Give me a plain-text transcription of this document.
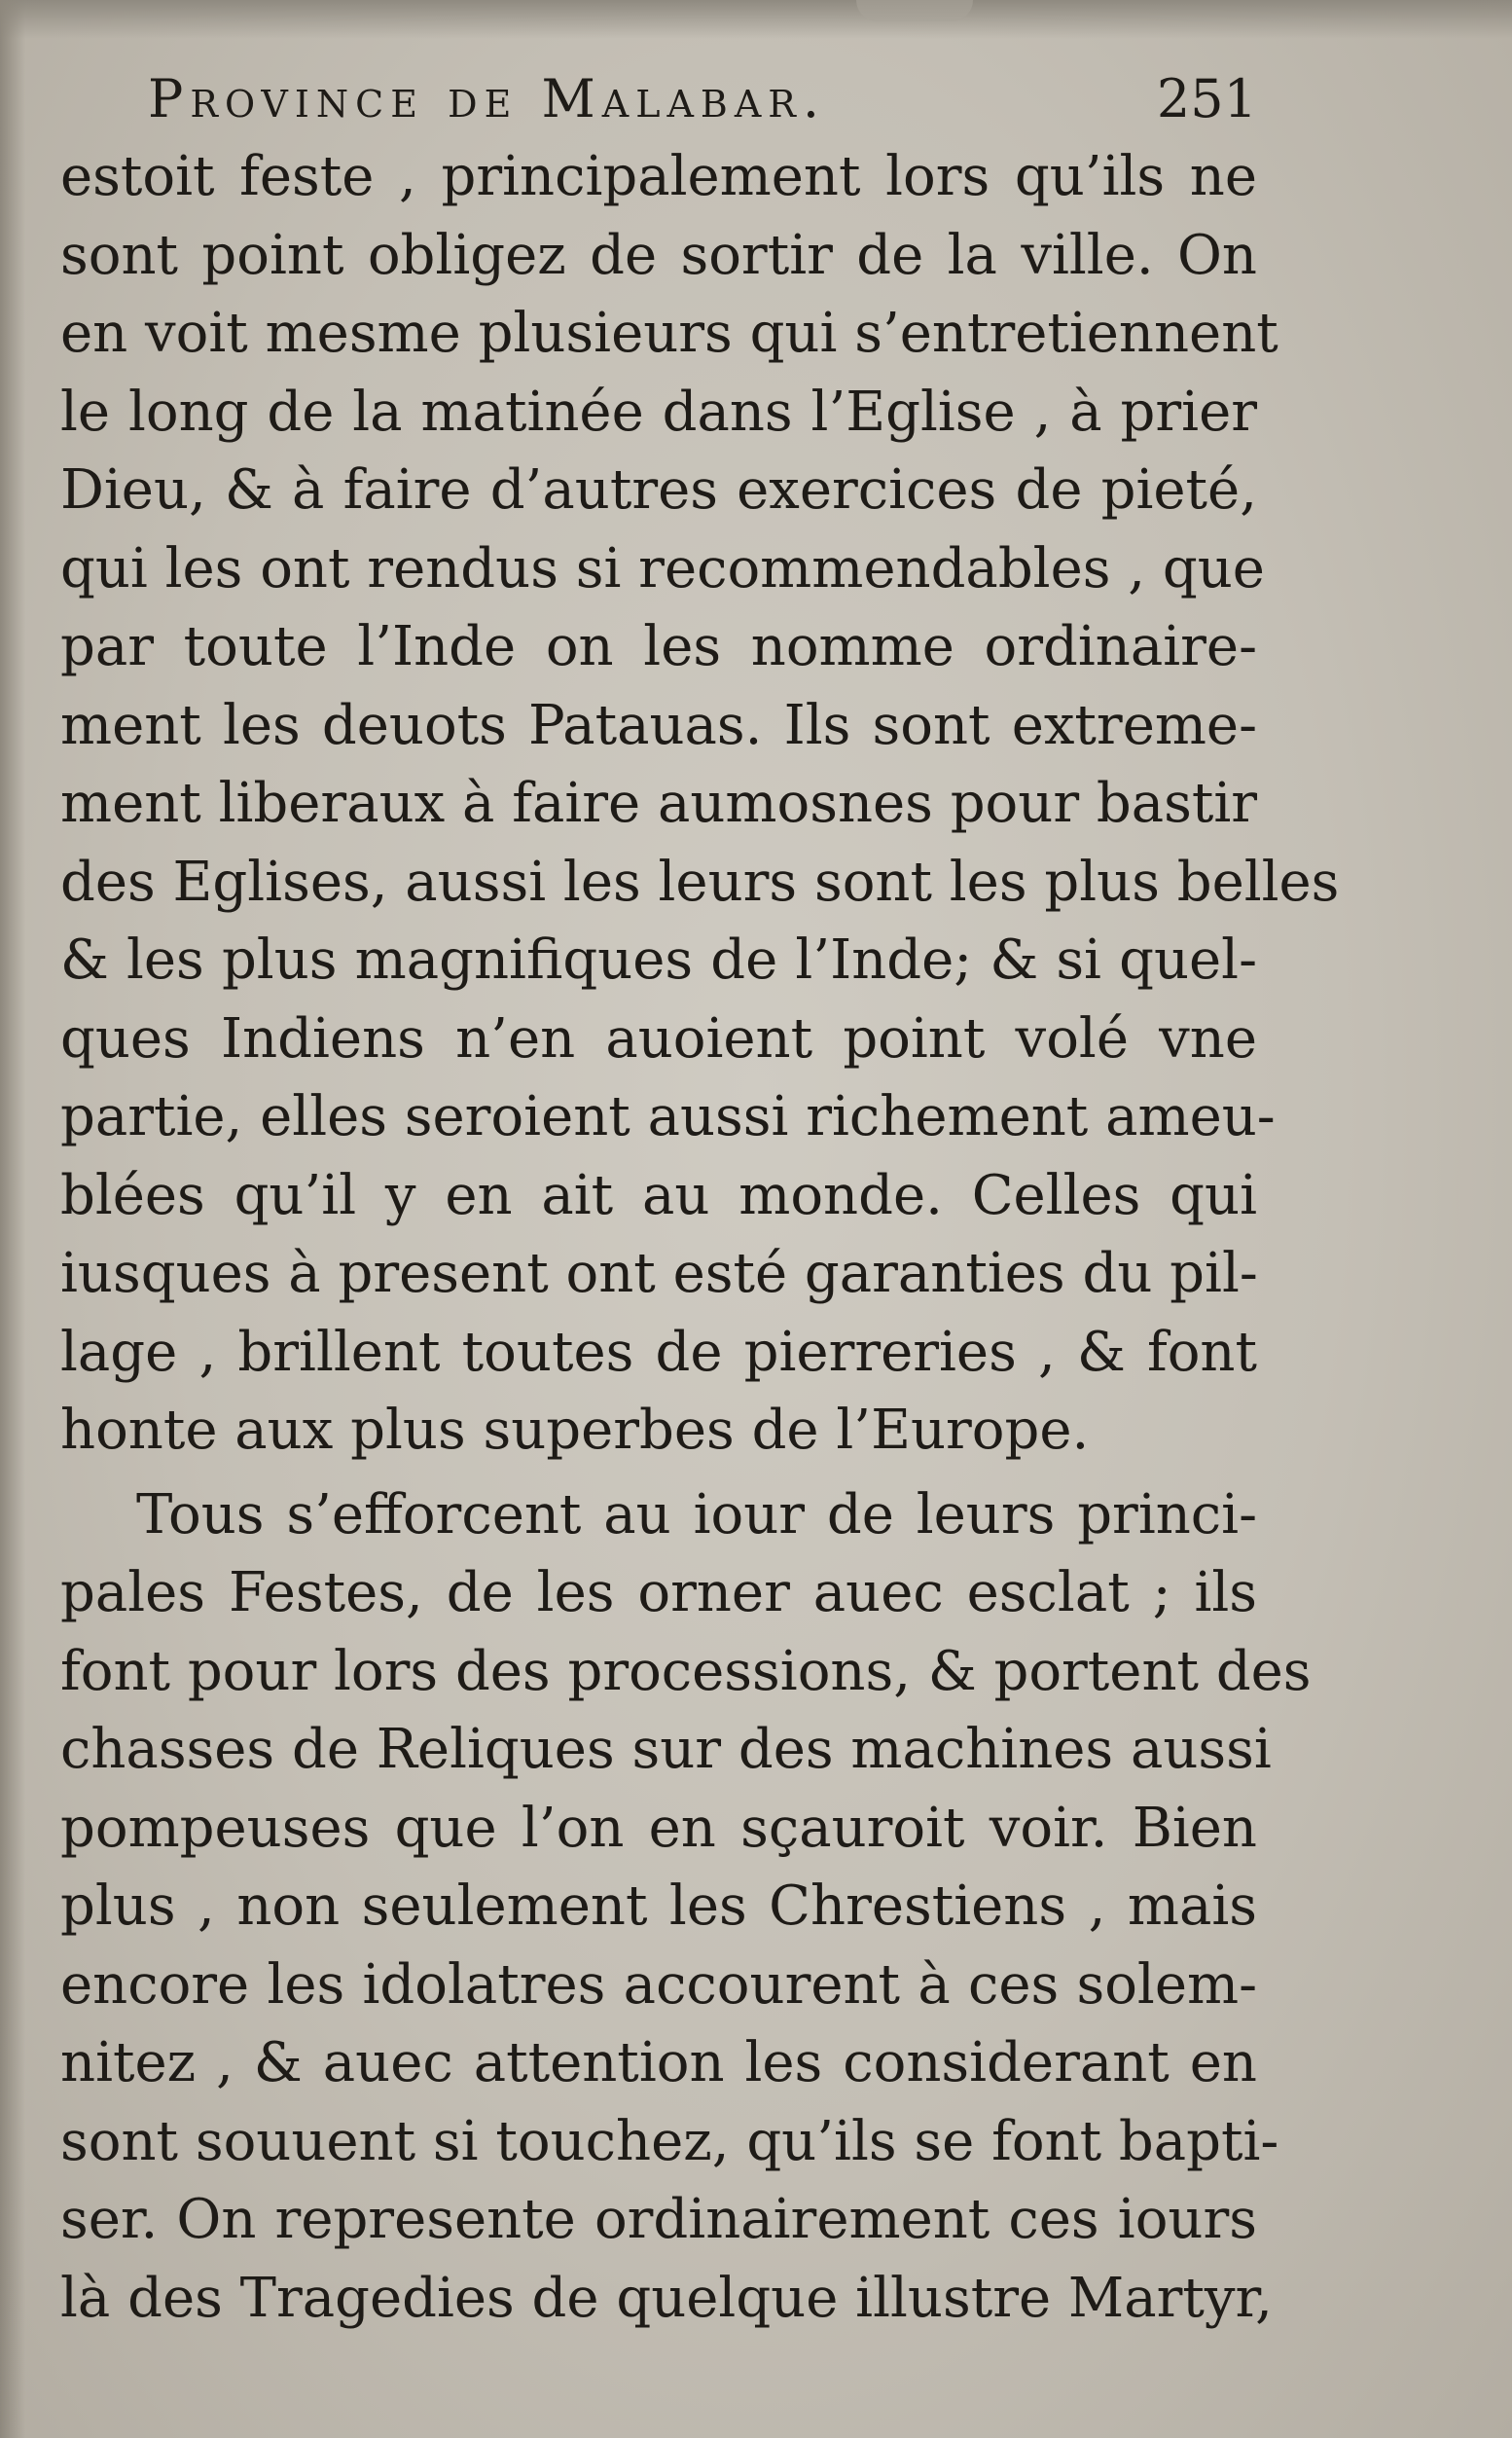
Province de Malabar.	251
estoit feste , principalement lors qu’ils ne
sont point obligez de sortir de la ville. On
en voit mesme plusieurs qui s’entretiennent
le long de la matinée dans l’Eglise , à prier
Dieu, & à faire d’autres exercices de pieté,
qui les ont rendus si recommendables , que
par toute l’Inde on les nomme ordinaire-
ment les deuots Patauas. Ils sont extreme-
ment liberaux à faire aumosnes pour bastir
des Eglises, aussi les leurs sont les plus belles
& les plus magnifiques de l’Inde; & si quel-
ques Indiens n’en auoient point volé vne
partie, elles seroient aussi richement ameu-
blées qu’il y en ait au monde. Celles qui
iusques à present ont esté garanties du pil-
lage , brillent toutes de pierreries , & font
honte aux plus superbes de l’Europe.
Tous s’efforcent au iour de leurs princi-
pales Festes, de les orner auec esclat ; ils
font pour lors des processions, & portent des
chasses de Reliques sur des machines aussi
pompeuses que l’on en sçauroit voir. Bien
plus , non seulement les Chrestiens , mais
encore les idolatres accourent à ces solem-
nitez , & auec attention les considerant en
sont souuent si touchez, qu’ils se font bapti-
ser. On represente ordinairement ces iours
là des Tragedies de quelque illustre Martyr,
